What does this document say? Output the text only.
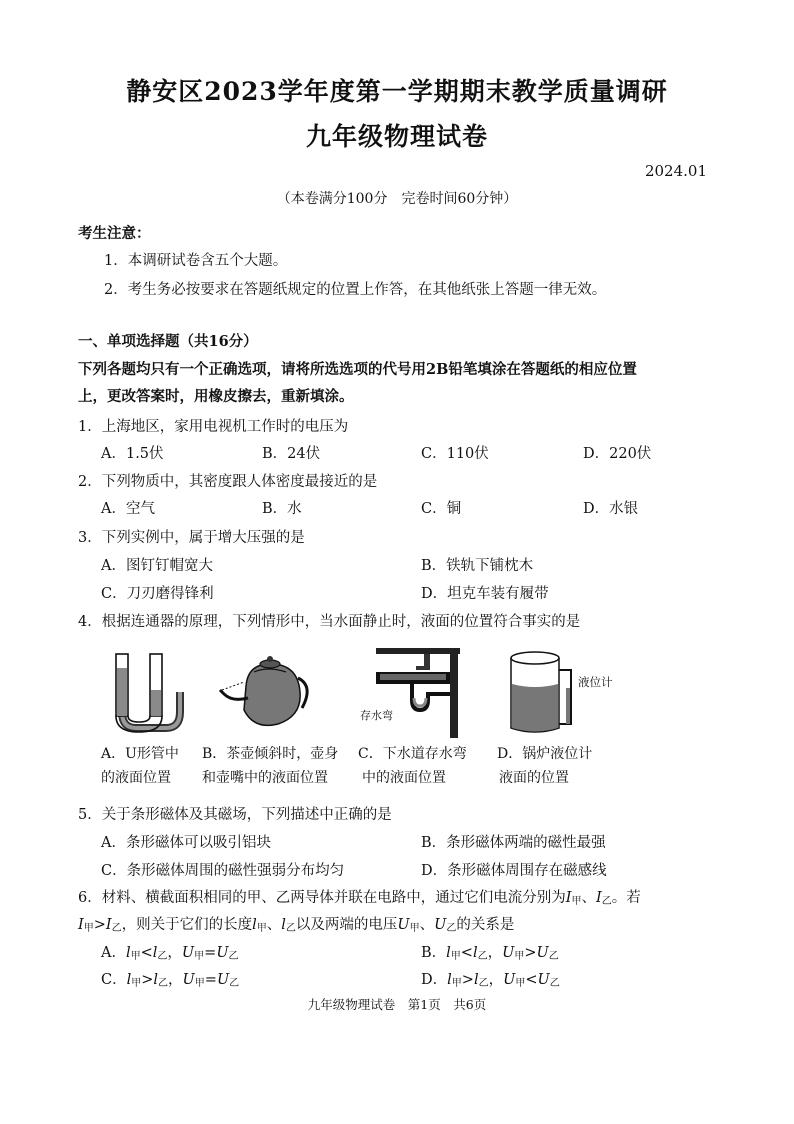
静安区2023学年度第一学期期末教学质量调研
九年级物理试卷
2024.01
（本卷满分100分　完卷时间60分钟）
考生注意：
1．本调研试卷含五个大题。
2．考生务必按要求在答题纸规定的位置上作答，在其他纸张上答题一律无效。
一、单项选择题（共16分）
下列各题均只有一个正确选项，请将所选选项的代号用2B铅笔填涂在答题纸的相应位置
上，更改答案时，用橡皮擦去，重新填涂。
1．上海地区，家用电视机工作时的电压为
A．1.5伏	B．24伏	C．110伏	D．220伏
2．下列物质中，其密度跟人体密度最接近的是
A．空气	B．水	C．铜	D．水银
3．下列实例中，属于增大压强的是
A．图钉钉帽宽大	B．铁轨下铺枕木
C．刀刃磨得锋利	D．坦克车装有履带
4．根据连通器的原理，下列情形中，当水面静止时，液面的位置符合事实的是
存水弯
液位计
A．U形管中
的液面位置
B．茶壶倾斜时，壶身
和壶嘴中的液面位置
C．下水道存水弯
中的液面位置
D．锅炉液位计
液面的位置
5．关于条形磁体及其磁场，下列描述中正确的是
A．条形磁体可以吸引铝块	B．条形磁体两端的磁性最强
C．条形磁体周围的磁性强弱分布均匀	D．条形磁体周围存在磁感线
6．材料、横截面积相同的甲、乙两导体并联在电路中，通过它们电流分别为$I_甲$、$I_乙$。若
$I_甲>I_乙$，则关于它们的长度$l_甲$、$l_乙$以及两端的电压$U_甲$、$U_乙$的关系是
A．$l_甲<l_乙$，$U_甲=U_乙$	B．$l_甲<l_乙$，$U_甲>U_乙$
C．$l_甲>l_乙$，$U_甲=U_乙$	D．$l_甲>l_乙$，$U_甲<U_乙$
九年级物理试卷　第1页　共6页
